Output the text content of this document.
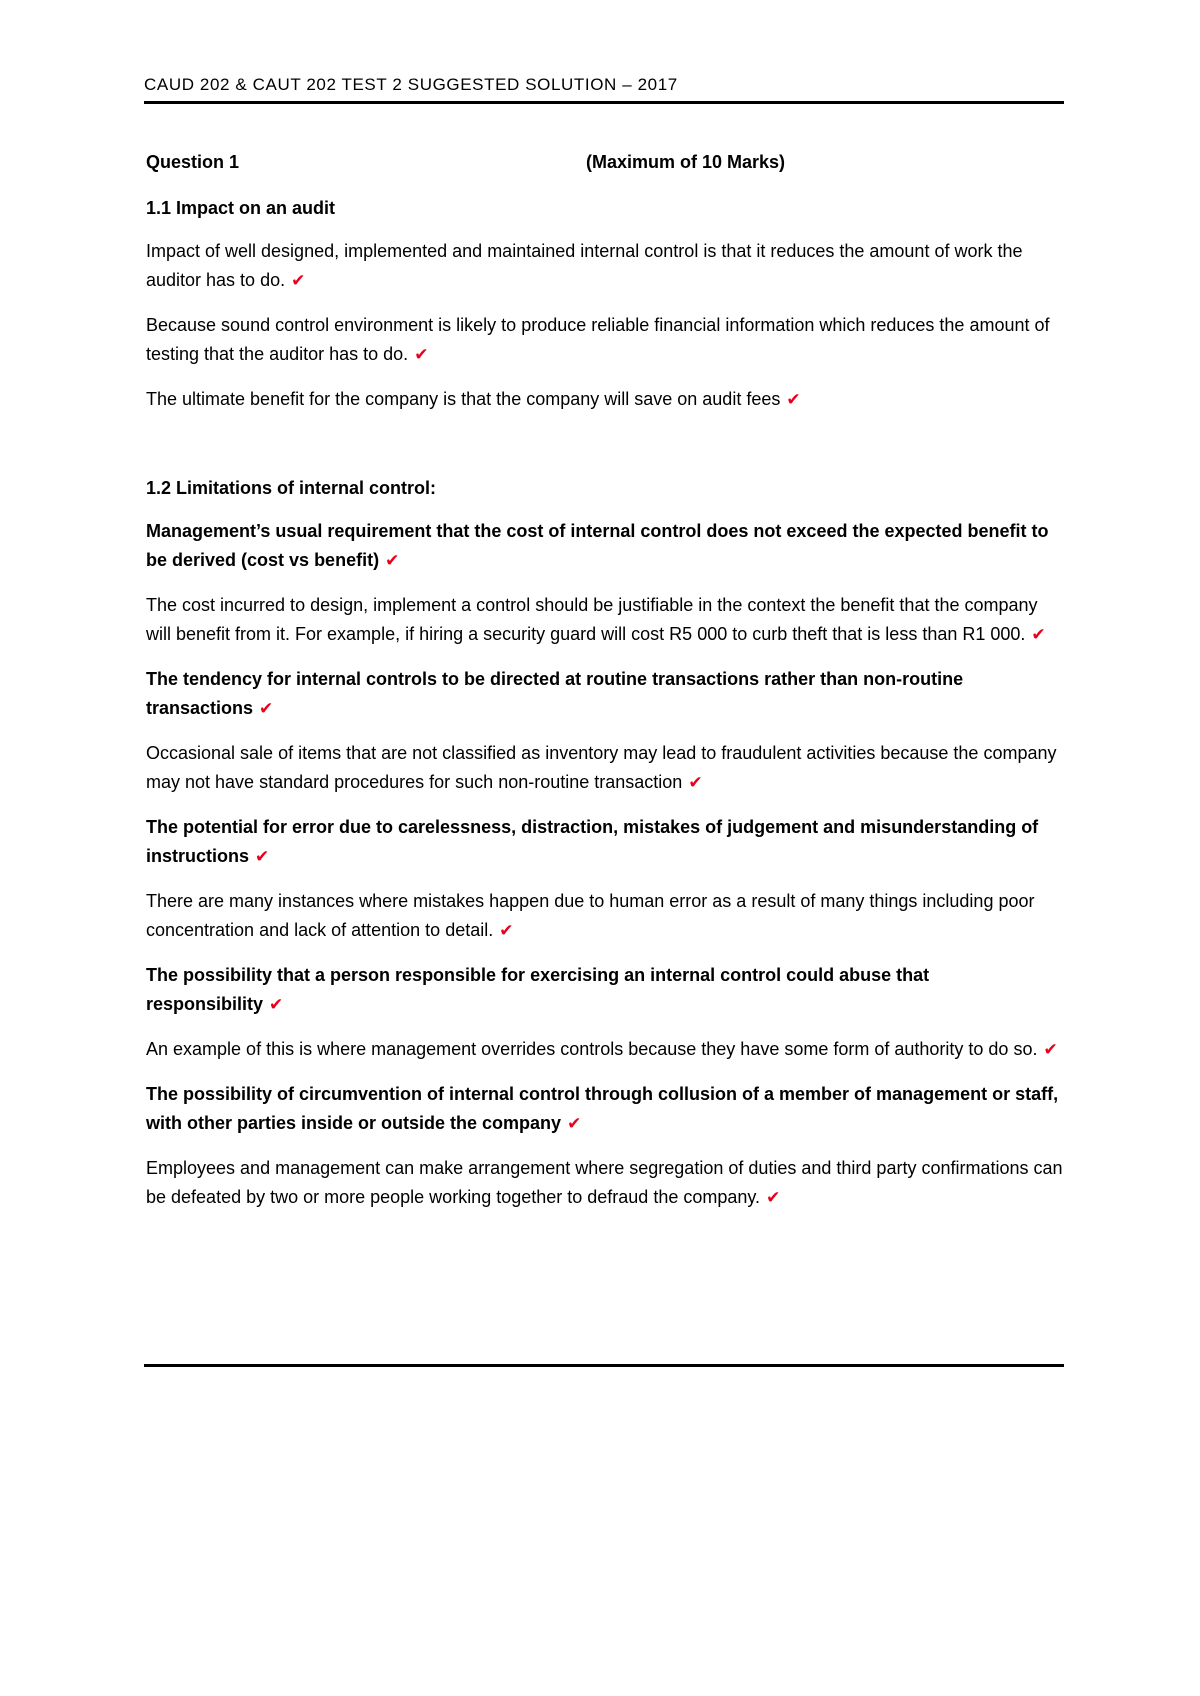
CAUD 202 & CAUT 202 TEST 2 SUGGESTED SOLUTION – 2017
Question 1	(Maximum of 10 Marks)

1.1 Impact on an audit

Impact of well designed, implemented and maintained internal control is that it reduces the amount of work the auditor has to do. ✔

Because sound control environment is likely to produce reliable financial information which reduces the amount of testing that the auditor has to do. ✔

The ultimate benefit for the company is that the company will save on audit fees ✔

1.2 Limitations of internal control:

Management’s usual requirement that the cost of internal control does not exceed the expected benefit to be derived (cost vs benefit) ✔

The cost incurred to design, implement a control should be justifiable in the context the benefit that the company will benefit from it. For example, if hiring a security guard will cost R5 000 to curb theft that is less than R1 000. ✔

The tendency for internal controls to be directed at routine transactions rather than non-routine transactions ✔

Occasional sale of items that are not classified as inventory may lead to fraudulent activities because the company may not have standard procedures for such non-routine transaction ✔

The potential for error due to carelessness, distraction, mistakes of judgement and misunderstanding of instructions ✔

There are many instances where mistakes happen due to human error as a result of many things including poor concentration and lack of attention to detail. ✔

The possibility that a person responsible for exercising an internal control could abuse that responsibility ✔

An example of this is where management overrides controls because they have some form of authority to do so. ✔

The possibility of circumvention of internal control through collusion of a member of management or staff, with other parties inside or outside the company ✔

Employees and management can make arrangement where segregation of duties and third party confirmations can be defeated by two or more people working together to defraud the company. ✔
